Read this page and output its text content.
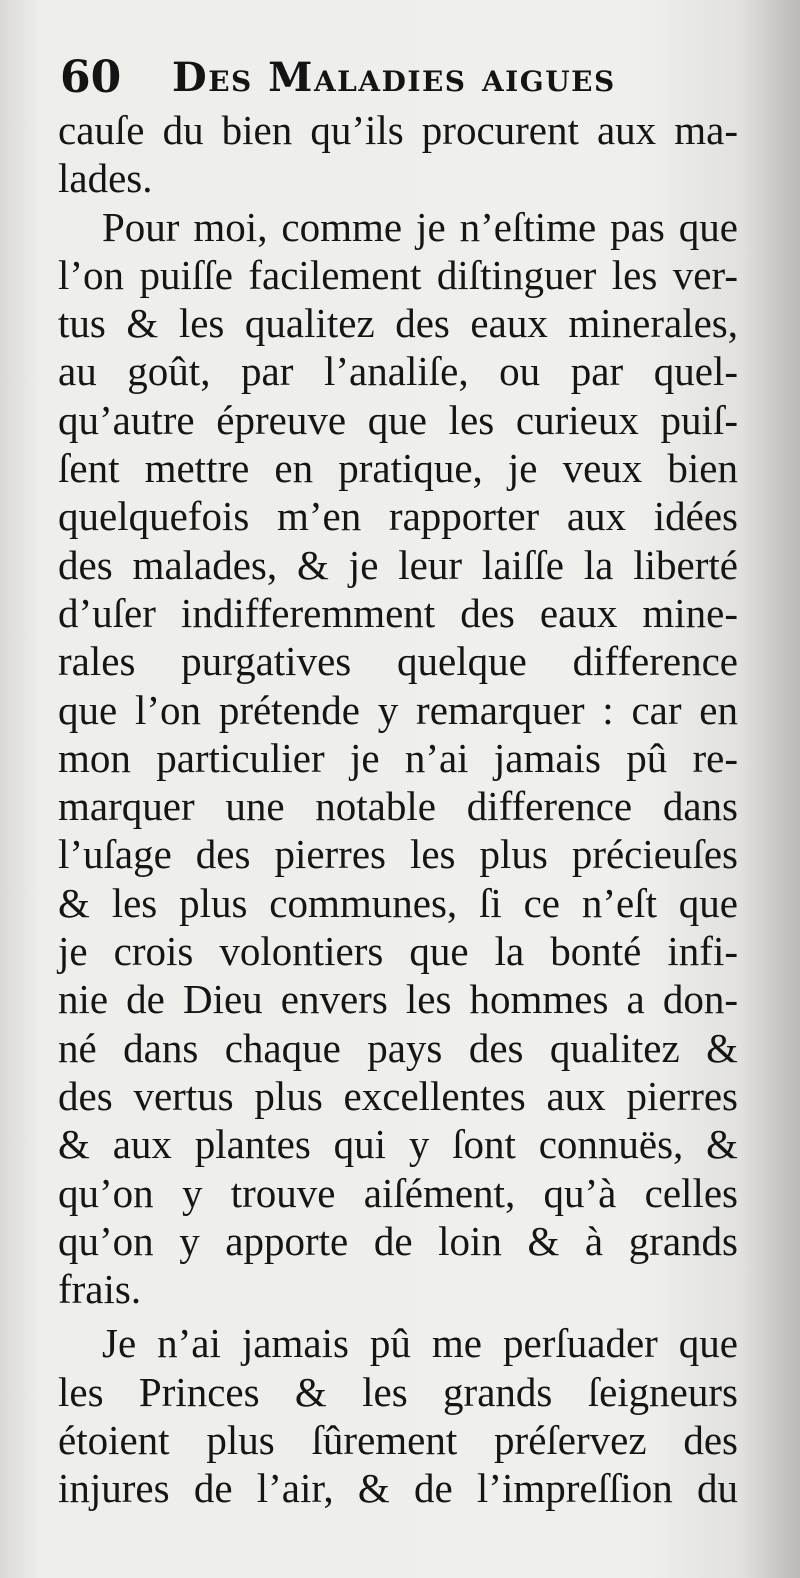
60 Des Maladies aigues
cauſe du bien qu’ils procurent aux ma-
lades.
Pour moi, comme je n’eſtime pas que
l’on puiſſe facilement diſtinguer les ver-
tus & les qualitez des eaux minerales,
au goût, par l’analiſe, ou par quel-
qu’autre épreuve que les curieux puiſ-
ſent mettre en pratique, je veux bien
quelquefois m’en rapporter aux idées
des malades, & je leur laiſſe la liberté
d’uſer indifferemment des eaux mine-
rales purgatives quelque difference
que l’on prétende y remarquer : car en
mon particulier je n’ai jamais pû re-
marquer une notable difference dans
l’uſage des pierres les plus précieuſes
& les plus communes, ſi ce n’eſt que
je crois volontiers que la bonté infi-
nie de Dieu envers les hommes a don-
né dans chaque pays des qualitez &
des vertus plus excellentes aux pierres
& aux plantes qui y ſont connuës, &
qu’on y trouve aiſément, qu’à celles
qu’on y apporte de loin & à grands
frais.
Je n’ai jamais pû me perſuader que
les Princes & les grands ſeigneurs
étoient plus ſûrement préſervez des
injures de l’air, & de l’impreſſion du
